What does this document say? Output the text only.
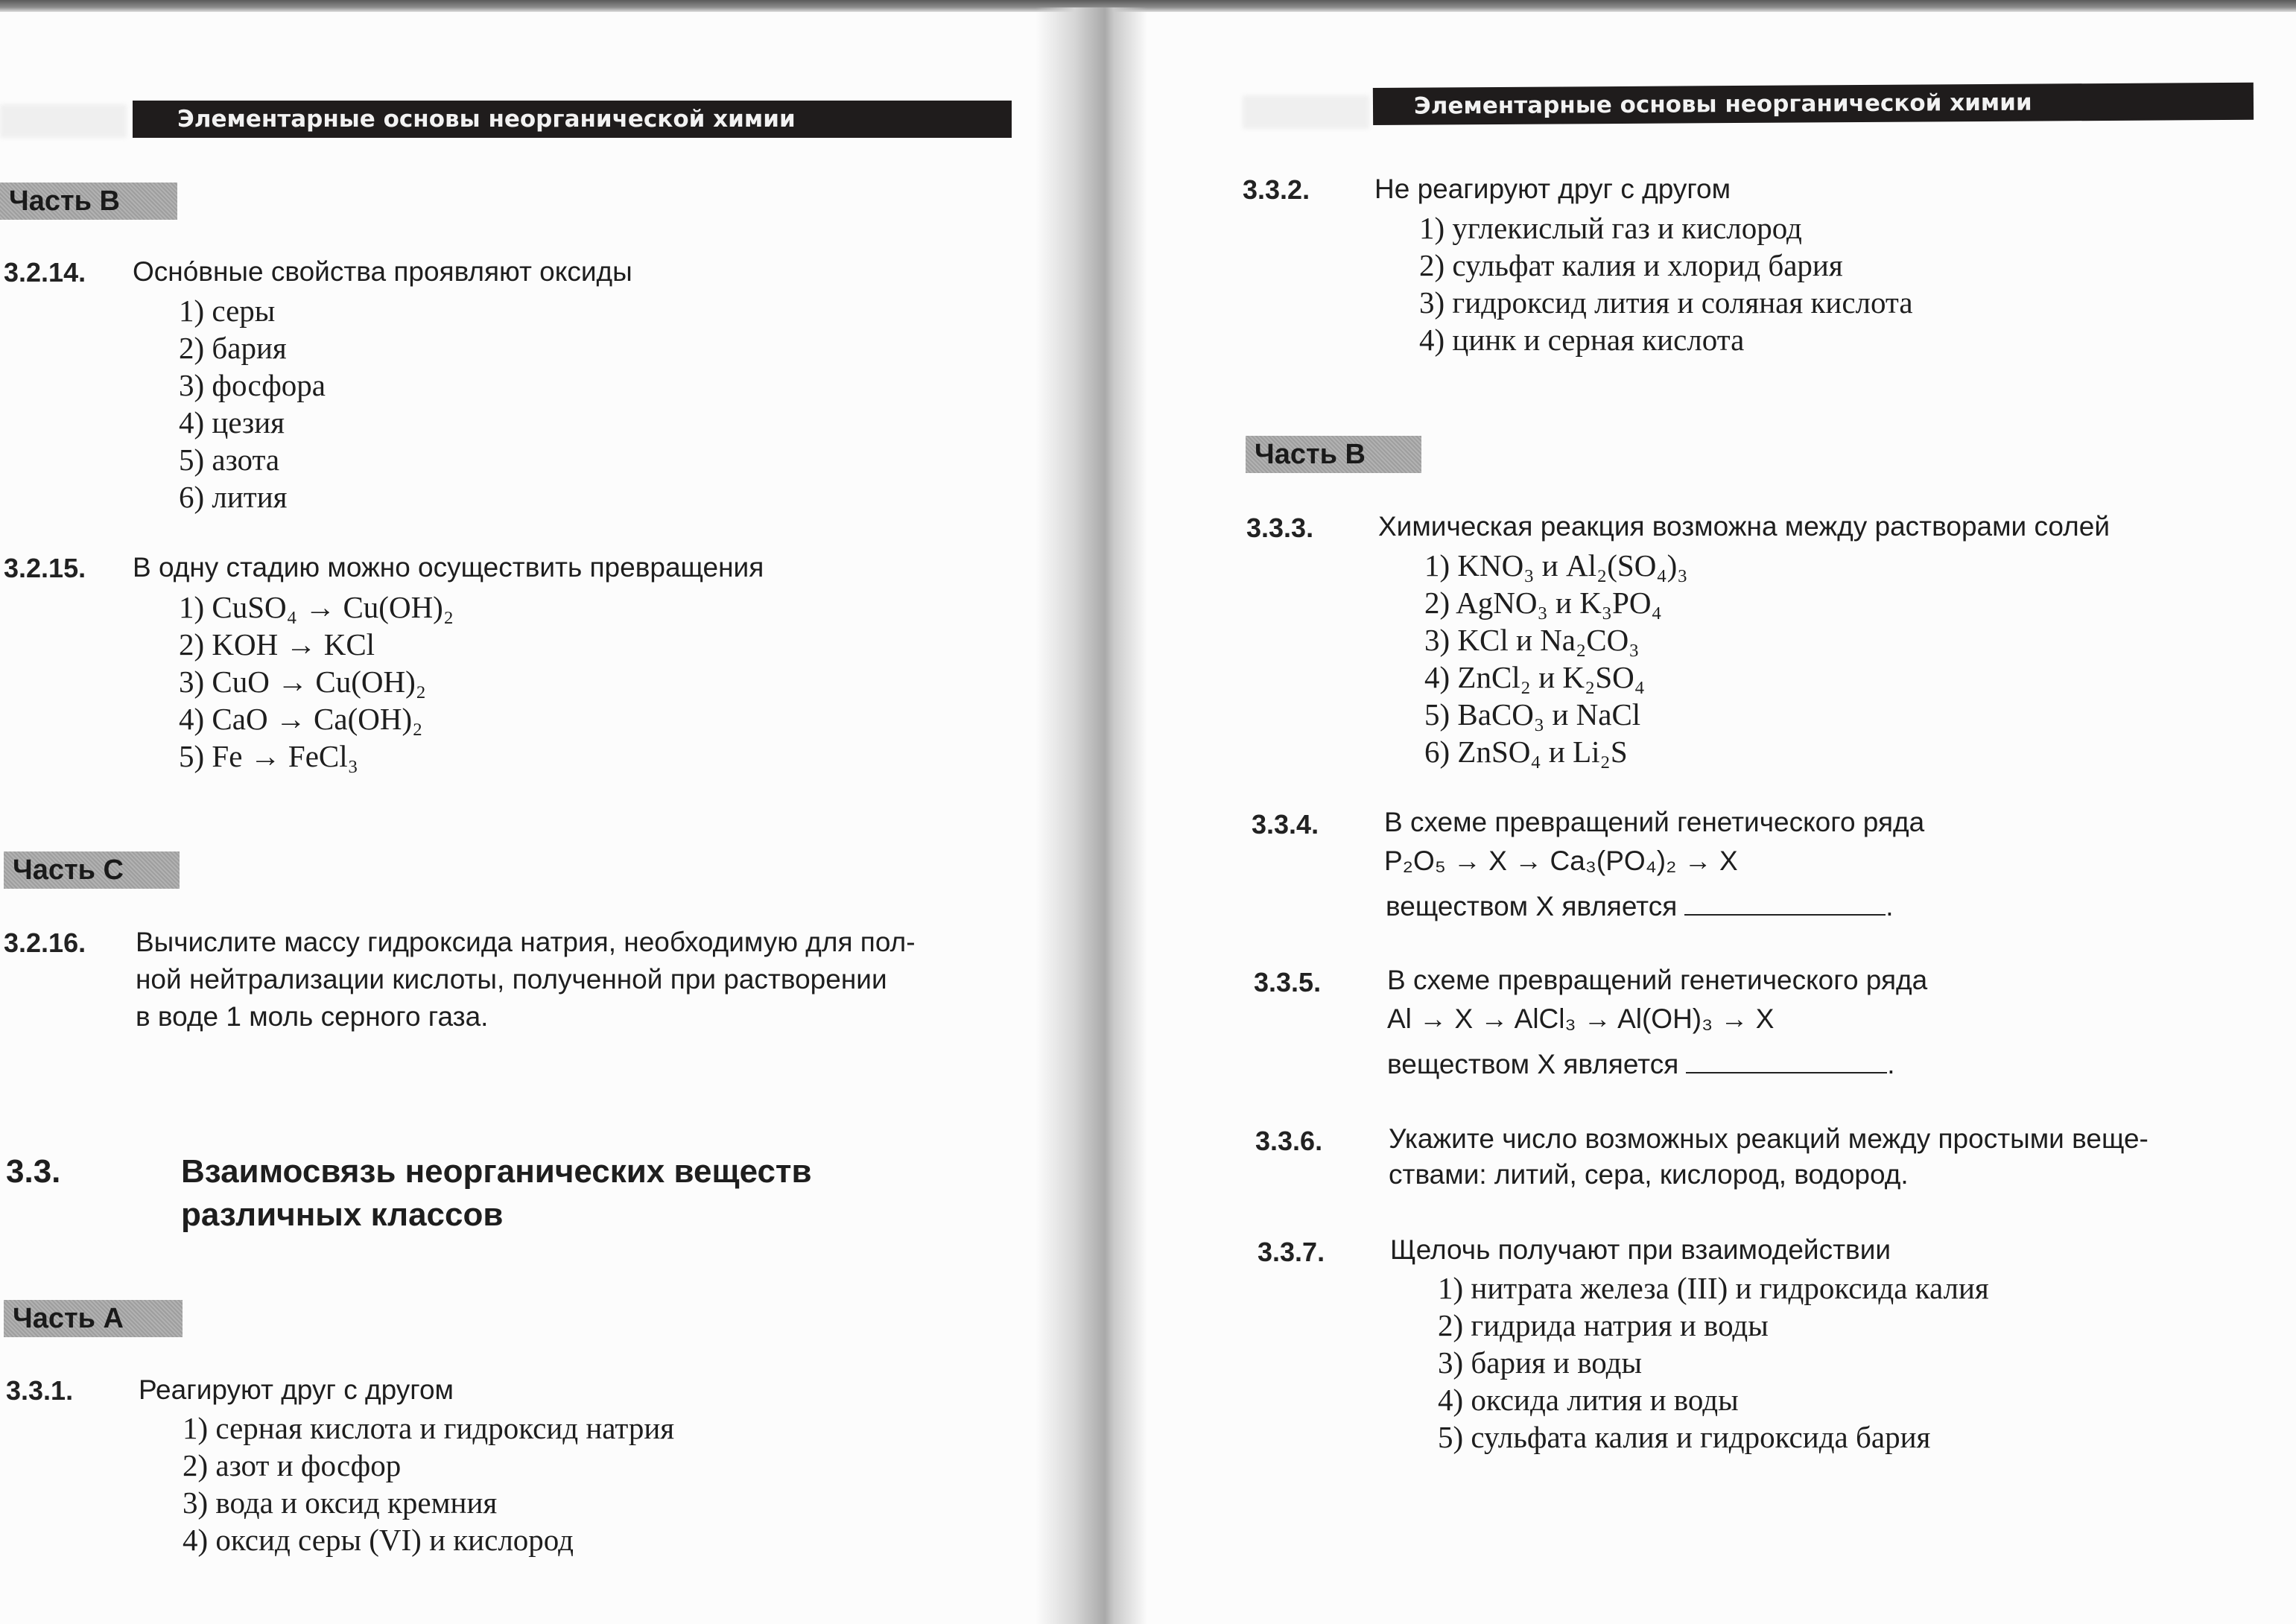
Элементарные основы неорганической химии
Часть B
3.2.14. Осно́вные свойства проявляют оксиды
1) серы
2) бария
3) фосфора
4) цезия
5) азота
6) лития
3.2.15. В одну стадию можно осуществить превращения
1) CuSO₄ → Cu(OH)₂
2) KOH → KCl
3) CuO → Cu(OH)₂
4) CaO → Ca(OH)₂
5) Fe → FeCl₃
Часть C
3.2.16. Вычислите массу гидроксида натрия, необходимую для пол-
ной нейтрализации кислоты, полученной при растворении
в воде 1 моль серного газа.
3.3.	Взаимосвязь неорганических веществ
различных классов
Часть A
3.3.1. Реагируют друг с другом
1) серная кислота и гидроксид натрия
2) азот и фосфор
3) вода и оксид кремния
4) оксид серы (VI) и кислород
Элементарные основы неорганической химии
3.3.2. Не реагируют друг с другом
1) углекислый газ и кислород
2) сульфат калия и хлорид бария
3) гидроксид лития и соляная кислота
4) цинк и серная кислота
Часть B
3.3.3. Химическая реакция возможна между растворами солей
1) KNO₃ и Al₂(SO₄)₃
2) AgNO₃ и K₃PO₄
3) KCl и Na₂CO₃
4) ZnCl₂ и K₂SO₄
5) BaCO₃ и NaCl
6) ZnSO₄ и Li₂S
3.3.4. В схеме превращений генетического ряда
P₂O₅ → X → Ca₃(PO₄)₂ → X
веществом X является	.
3.3.5. В схеме превращений генетического ряда
Al → X → AlCl₃ → Al(OH)₃ → X
веществом X является	.
3.3.6. Укажите число возможных реакций между простыми веще-
ствами: литий, сера, кислород, водород.
3.3.7. Щелочь получают при взаимодействии
1) нитрата железа (III) и гидроксида калия
2) гидрида натрия и воды
3) бария и воды
4) оксида лития и воды
5) сульфата калия и гидроксида бария
